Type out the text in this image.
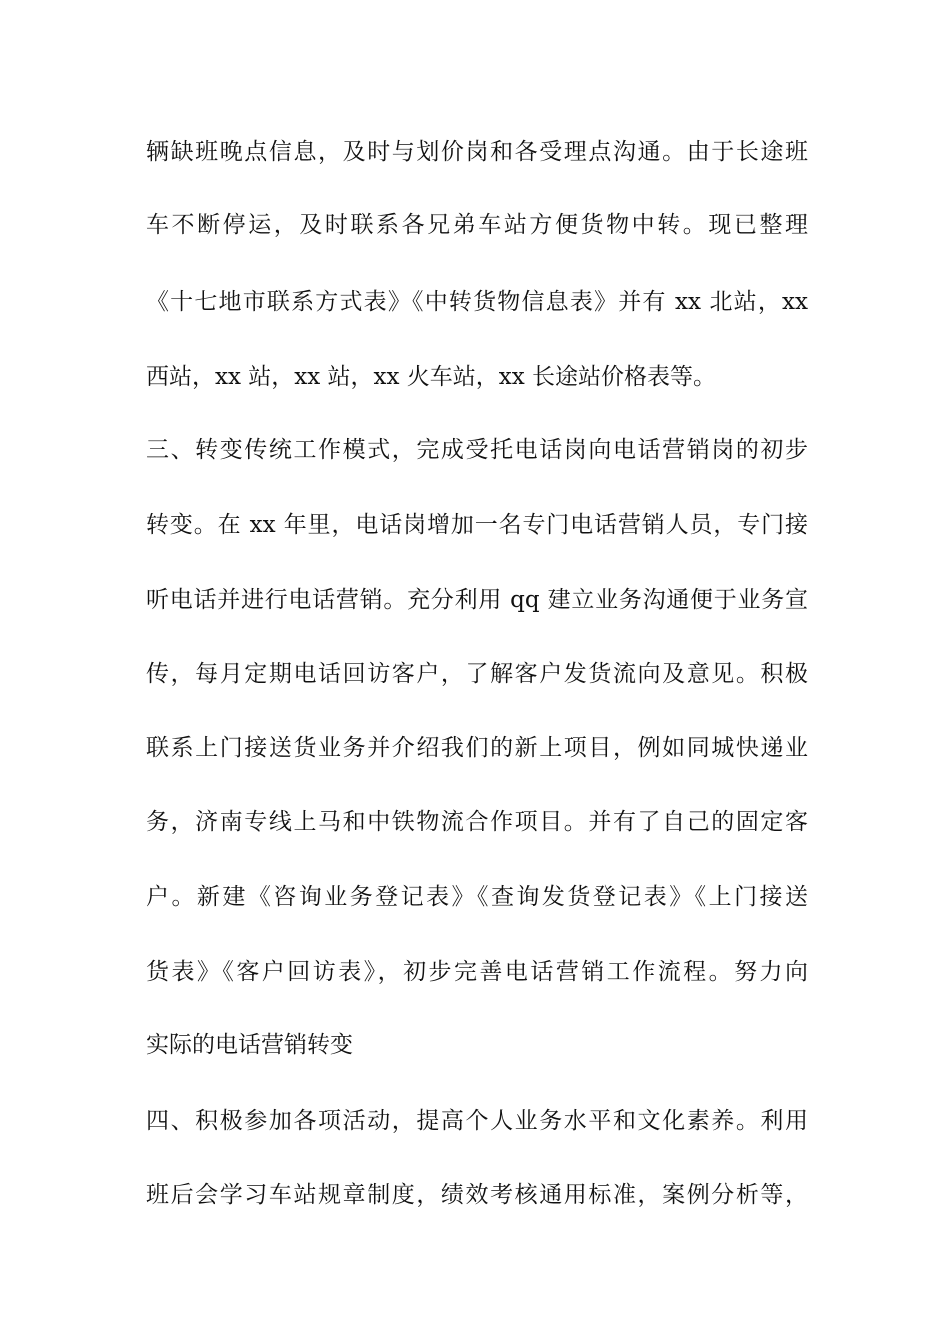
辆缺班晚点信息，及时与划价岗和各受理点沟通。由于长途班
车不断停运，及时联系各兄弟车站方便货物中转。现已整理
《十七地市联系方式表》《中转货物信息表》并有 xx 北站，xx
西站，xx 站，xx 站，xx 火车站，xx 长途站价格表等。
三、转变传统工作模式，完成受托电话岗向电话营销岗的初步
转变。在 xx 年里，电话岗增加一名专门电话营销人员，专门接
听电话并进行电话营销。充分利用 qq 建立业务沟通便于业务宣
传，每月定期电话回访客户，了解客户发货流向及意见。积极
联系上门接送货业务并介绍我们的新上项目，例如同城快递业
务，济南专线上马和中铁物流合作项目。并有了自己的固定客
户。新建《咨询业务登记表》《查询发货登记表》《上门接送
货表》《客户回访表》，初步完善电话营销工作流程。努力向
实际的电话营销转变
四、积极参加各项活动，提高个人业务水平和文化素养。利用
班后会学习车站规章制度，绩效考核通用标准，案例分析等，
